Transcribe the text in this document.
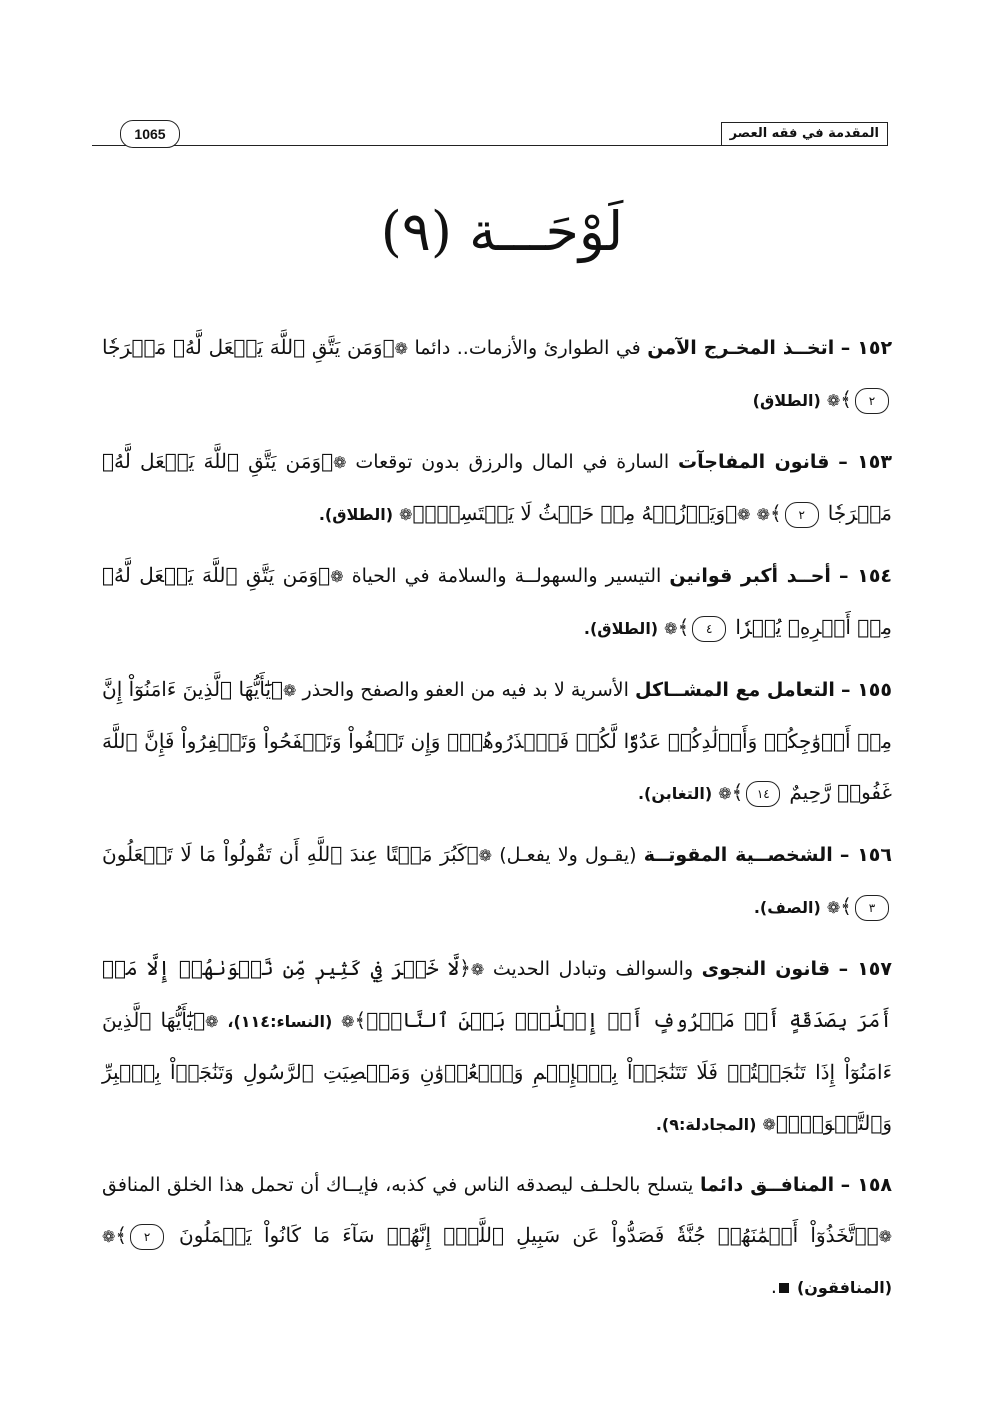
المقدمة في فقه العصر
1065
لَوْحَـــة (٩)

١٥٢ – اتخــذ المخـرج الآمن في الطوارئ والأزمات.. دائما ❁﴿وَمَن يَتَّقِ ٱللَّهَ يَجۡعَل لَّهُۥ مَخۡرَجٗا ٢﴾❁ (الطلاق)

١٥٣ – قانون المفاجآت السارة في المال والرزق بدون توقعات ❁﴿وَمَن يَتَّقِ ٱللَّهَ يَجۡعَل لَّهُۥ مَخۡرَجٗا ٢﴾❁ ❁﴿وَيَرۡزُقۡهُ مِنۡ حَيۡثُ لَا يَحۡتَسِبُۚ﴾❁ (الطلاق).

١٥٤ – أحــد أكبر قوانين التيسير والسهولــة والسلامة في الحياة ❁﴿وَمَن يَتَّقِ ٱللَّهَ يَجۡعَل لَّهُۥ مِنۡ أَمۡرِهِۦ يُسۡرٗا ٤﴾❁ (الطلاق).

١٥٥ – التعامل مع المشــاكل الأسرية لا بد فيه من العفو والصفح والحذر ❁﴿يَٰٓأَيُّهَا ٱلَّذِينَ ءَامَنُوٓاْ إِنَّ مِنۡ أَزۡوَٰجِكُمۡ وَأَوۡلَٰدِكُمۡ عَدُوّٗا لَّكُمۡ فَٱحۡذَرُوهُمۡۚ وَإِن تَعۡفُواْ وَتَصۡفَحُواْ وَتَغۡفِرُواْ فَإِنَّ ٱللَّهَ غَفُورٞ رَّحِيمٌ ١٤﴾❁ (التغابن).

١٥٦ – الشخصــية المقوتــة (يقـول ولا يفعـل) ❁﴿كَبُرَ مَقۡتًا عِندَ ٱللَّهِ أَن تَقُولُواْ مَا لَا تَفۡعَلُونَ ٣﴾❁ (الصف).

١٥٧ – قانون النجوى والسوالف وتبادل الحديث ❁﴿لَّا خَيۡرَ فِي كَثِيرٖ مِّن نَّجۡوَىٰهُمۡ إِلَّا مَنۡ أَمَرَ بِصَدَقَةٍ أَوۡ مَعۡرُوفٍ أَوۡ إِصۡلَٰحِۭ بَيۡنَ ٱلنَّاسِۚ﴾❁ (النساء:١١٤)، ❁﴿يَٰٓأَيُّهَا ٱلَّذِينَ ءَامَنُوٓاْ إِذَا تَنَٰجَيۡتُمۡ فَلَا تَتَنَٰجَوۡاْ بِٱلۡإِثۡمِ وَٱلۡعُدۡوَٰنِ وَمَعۡصِيَتِ ٱلرَّسُولِ وَتَنَٰجَوۡاْ بِٱلۡبِرِّ وَٱلتَّقۡوَىٰۖ﴾❁ (المجادلة:٩).

١٥٨ – المنافــق دائما يتسلح بالحلـف ليصدقه الناس في كذبه، فإيــاك أن تحمل هذا الخلق المنافق ❁﴿ٱتَّخَذُوٓاْ أَيۡمَٰنَهُمۡ جُنَّةٗ فَصَدُّواْ عَن سَبِيلِ ٱللَّهِۚ إِنَّهُمۡ سَآءَ مَا كَانُواْ يَعۡمَلُونَ ٢﴾❁ (المنافقون) .
